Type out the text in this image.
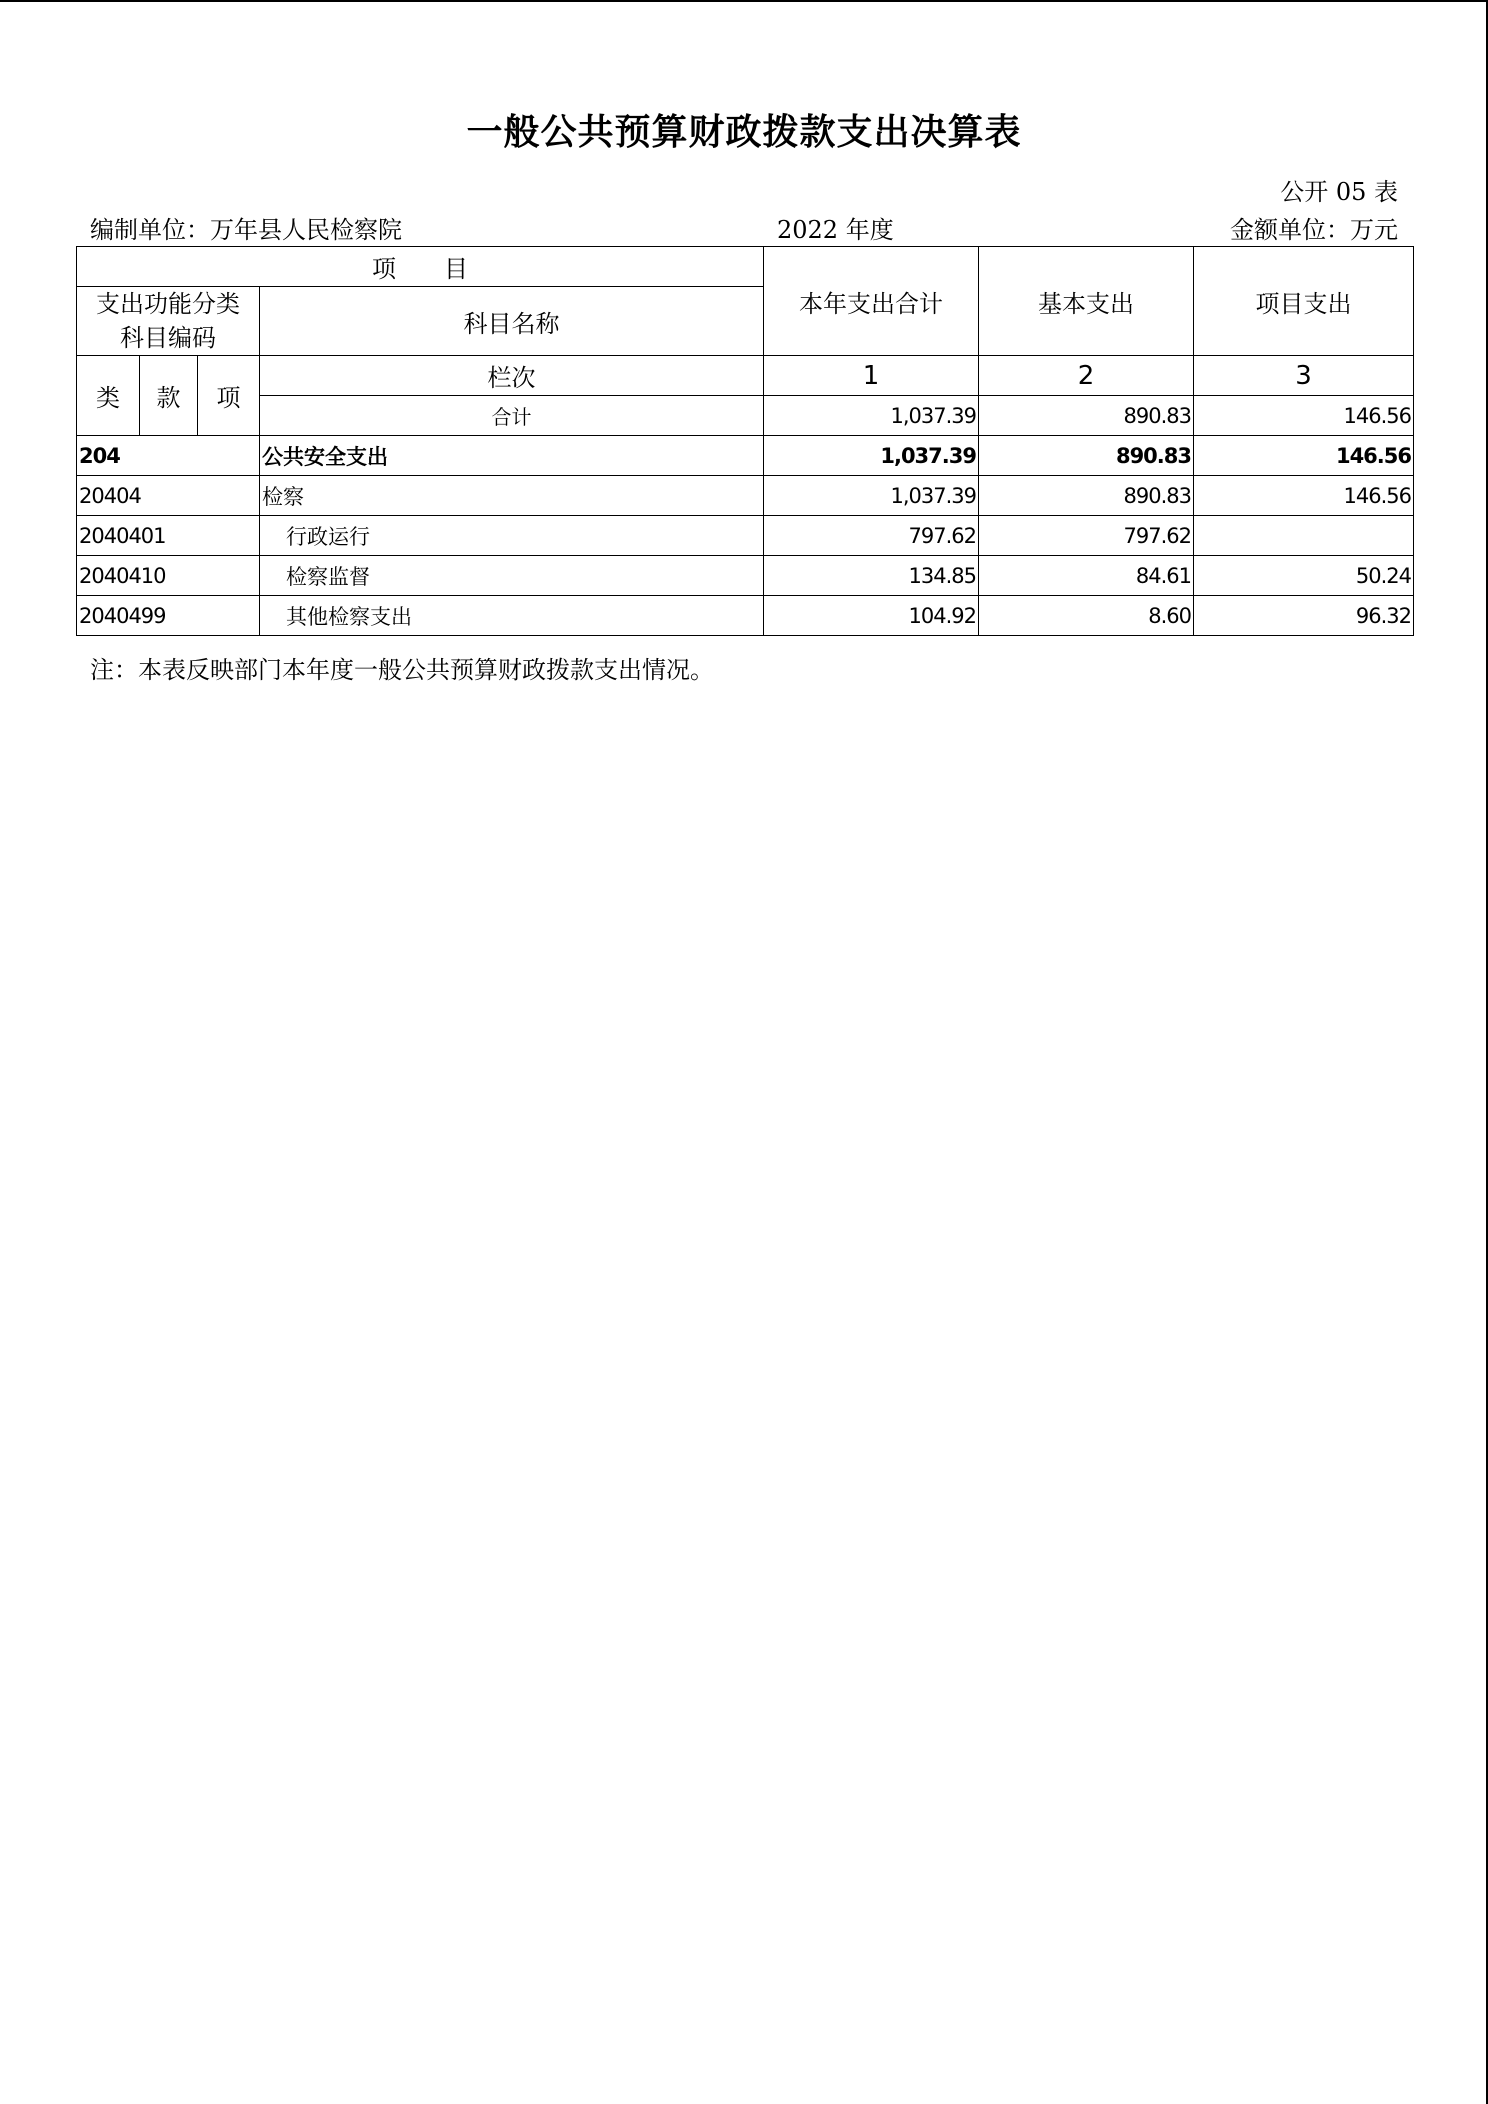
一般公共预算财政拨款支出决算表
公开 05 表
编制单位：万年县人民检察院	2022 年度	金额单位：万元
项　　目				本年支出合计	基本支出	项目支出
支出功能分类科目编码			科目名称			
类	款	项	栏次	1	2	3
			合计	1,037.39	890.83	146.56
204			公共安全支出	1,037.39	890.83	146.56
20404			检察	1,037.39	890.83	146.56
2040401			行政运行	797.62	797.62	
2040410			检察监督	134.85	84.61	50.24
2040499			其他检察支出	104.92	8.60	96.32
注：本表反映部门本年度一般公共预算财政拨款支出情况。
